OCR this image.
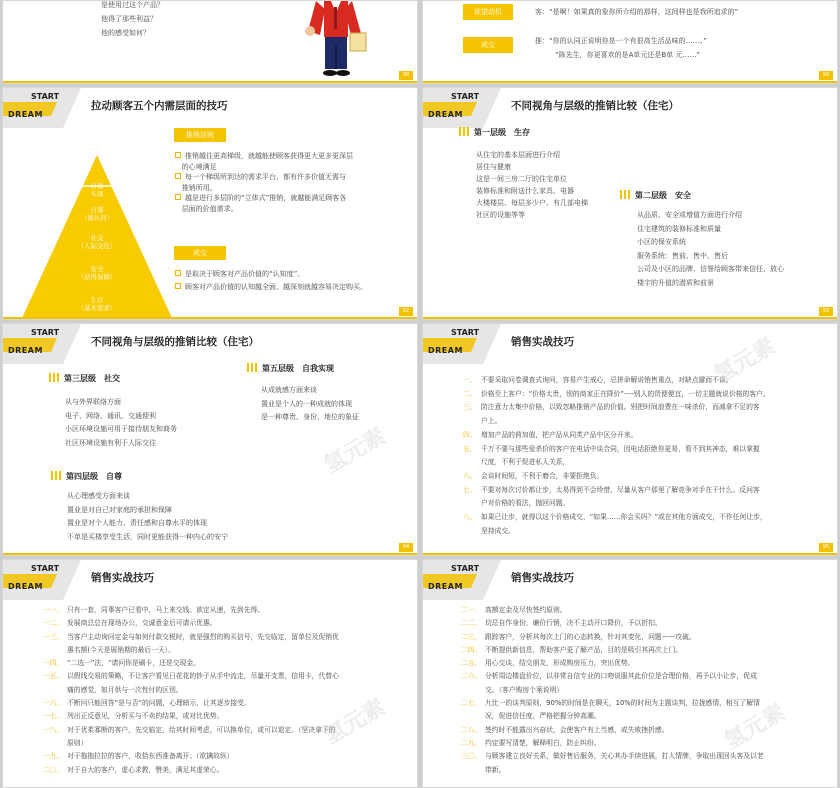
是使用过这个产品？
他得了那些利益？
他的感受如何？
98
欲望动机
成交
客：“是啊！如果真的象你所介绍的那样，这间样也是我所追求的”
推：“你的认同正说明你是一个有很高生活品味的……。”
“陈先生，你更喜欢的是A单元还是B单 元……”
99
START
DREAM
拉动顾客五个内需层面的技巧
自我
实现
自尊
（被认同）
社交
（人际交往）
安全
（获得保障）
生存
（基本需求）
推销法则
推销越往更高梯级，就越能使顾客获得更大更多更深层
的心境满足
每一个梯级所到达的需求平台，都有许多价值无需与
推销所用。
越是进行多层阶的“立体式”推销，就越能满足顾客各
层面的价值需求。
成交
是取决于顾客对产品价值的“认知度”。
顾客对产品价值的认知越全面、越深刻就越容易决定购买。
92
START
DREAM
不同视角与层级的推销比较（住宅）
第一层级　生存
从住宅的基本层面进行介绍
居住与健康
这是一间三房二厅的住宅单位
装修标准和附送什么家具、电器
大楼楼层、每层多少户、有几部电梯
社区的设施等等
第二层级　安全
从品质、安全或增值方面进行介绍
住宅建筑的装修标准和质量
小区的保安系统
服务系统：售前、售中、售后
公司及小区的品牌、信誉给顾客带来信任、放心
楼宇的升值的潜质和前景
93
START
DREAM
不同视角与层级的推销比较（住宅）
第三层级　社交
从与外界联络方面
电子、网络、通讯、交通便利
小区环境设施可用于接待朋友和商务
社区环境设施有利于人际交往
第五层级　自我实现
从成就感方面来谈
置业是个人的一种成就的体现
是一种尊贵、身份、地位的象征
第四层级　自尊
从心理感受方面来谈
置业是对自己对家庭的承担和保障
置业是对个人能力、责任感和自尊水平的体现
不单是买楼享受生活，同时更能获得一种内心的安宁
氢元素
94
START
DREAM
销售实战技巧
一、 不要采取问卷调查式询问，容易产生戒心，忌拼命解说销售重点，对缺点避而不谈。
二、 价格至上客户：“价格太贵，别的商家正在降价”----别人的货便便宜，一切主题就说价格的客户。
三、 防注意力太集中价格，以致忽略推销产品的价值。别把时间浪费在一味杀价，而减拿不足的客
户上。
四、 增加产品的荷加值，把产品从同类产品中区分开来。
五、 千万不要与那些爱杀价的客户在电话中谈合同，因电话拒绝你更易，看不到其神态，难以掌握
尺度，不利于促进私人关系，
六、 会谈时间短，不利于磨合，非要拒绝负。
七、 不要对每次讨价都让步，太易得到不会珍惜，尽量从客户那里了解竞争对手在干什么。反问客
户对价格的看法，抛回问题。
八、 如果已让步，就得以这个价格成交，“如果……你会买吗？”或在其他方面成交，不作任何让步，
坚持成交。
氢元素
95
START
DREAM
销售实战技巧
一一、 只有一套，同事客户已看中，马上来交钱。欲定从速，先到先得。
一二、 发展商总总在现场办公，交诚意金后可请示优惠。
一三、 当客户主动询问定金与如何付款交税时，就是强烈的购买信号，先交临定，留单位及促销优
惠名额(今天是展销期的最后一天）。
一四、 “二选一”法，“请问你是刷卡，还是交现金。
一五、 以假线交易的策略，不让客户看见日花花的钞子从手中流走，尽量开支票，信用卡，代替心
痛的感觉，如月供与一次性付的区别。
一六、 不断问只能回答“是与否”的问题，心理暗示，让其逐步接受。
一七、 列出正反意见，分析买与不卖的结果，或对比优势。
一八、 对于优柔寡断的客户，先交临定，给其时间考虑，可以换单位，或可以退定。（坚决拿下的
原则）
一九、 对于拖拖拉拉的客户，收拾东西准备离开；（欲擒故纵）
二〇、 对于自大的客户，虚心求教，赞美，满足其虚荣心。
氢元素
START
DREAM
销售实战技巧
二一、 高额定金及尽快签约原则。
二二、 切忌自作身份，廉价行销，决不主动开口降价，予以折扣。
二三、 跟踪客户，分析其每次上门的心态转换，针对其变化，问题——攻破。
二四、 不断提供新信息，帮助客户更了解产品，目的是吸引其再次上门。
二五、 用心交谈，结交朋友，形成购房压力，突出优势。
二六、 分析周边楼盘价位，以非常自信专业的口吻说服其此价位是合理价格，再予以小让步，促成
交。（客户购房个案说明）
二七、 九比一的谈判原则，90%的时间是在聊天，10%的时间为主题谈判，拉拢感情，相互了解情
况，促进信任度，严格把握分钟高潮。
二八、 签约时不能露出兴奋状，会使客户有上当感，或失败挫折感。
二九、 约定要写清楚，解释明白，防止纠纷。
三〇、 与顾客建立良好关系，做好售后服务，关心其办手续进展，打人情牌，争取出现回头客及以老
带新。
氢元素
